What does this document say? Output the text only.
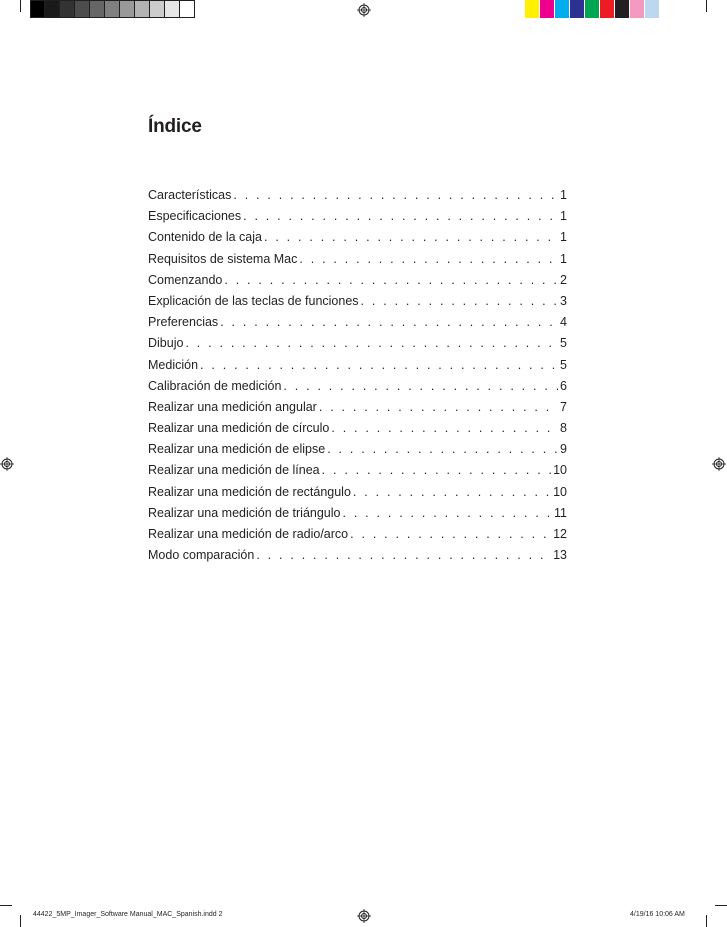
Índice
Características . . .	1
Especificaciones . . .	1
Contenido de la caja . . .	1
Requisitos de sistema Mac . . .	1
Comenzando . . .	2
Explicación de las teclas de funciones . . .	3
Preferencias . . .	4
Dibujo . . .	5
Medición . . .	5
Calibración de medición . . .	6
Realizar una medición angular . . .	7
Realizar una medición de círculo . . .	8
Realizar una medición de elipse . . .	9
Realizar una medición de línea . . .	10
Realizar una medición de rectángulo . . .	10
Realizar una medición de triángulo . . .	11
Realizar una medición de radio/arco . . .	12
Modo comparación . . .	13
44422_5MP_Imager_Software Manual_MAC_Spanish.indd 2	4/19/16 10:06 AM
